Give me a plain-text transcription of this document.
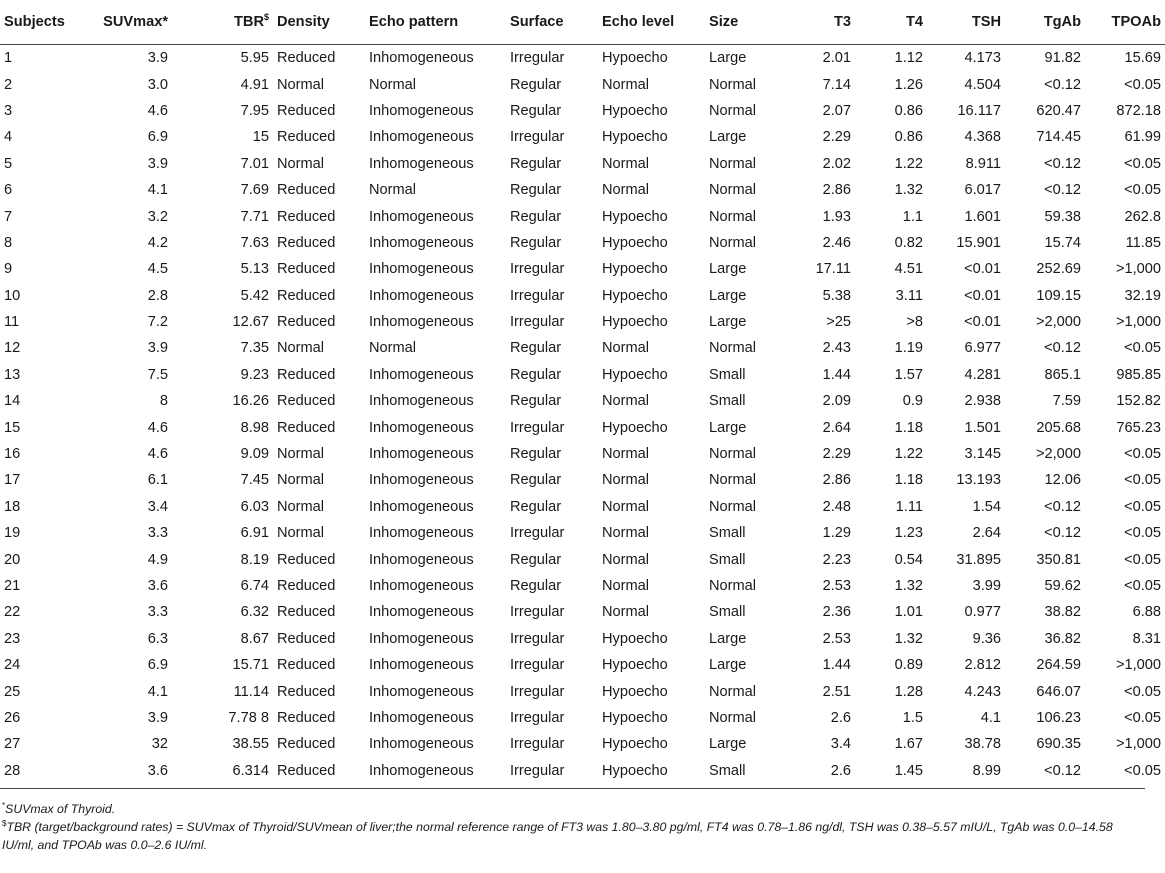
Subjects	SUVmax*	TBR$	Density	Echo pattern	Surface	Echo level	Size	T3	T4	TSH	TgAb	TPOAb
1	3.9	5.95	Reduced	Inhomogeneous	Irregular	Hypoecho	Large	2.01	1.12	4.173	91.82	15.69
2	3.0	4.91	Normal	Normal	Regular	Normal	Normal	7.14	1.26	4.504	<0.12	<0.05
3	4.6	7.95	Reduced	Inhomogeneous	Regular	Hypoecho	Normal	2.07	0.86	16.117	620.47	872.18
4	6.9	15	Reduced	Inhomogeneous	Irregular	Hypoecho	Large	2.29	0.86	4.368	714.45	61.99
5	3.9	7.01	Normal	Inhomogeneous	Regular	Normal	Normal	2.02	1.22	8.911	<0.12	<0.05
6	4.1	7.69	Reduced	Normal	Regular	Normal	Normal	2.86	1.32	6.017	<0.12	<0.05
7	3.2	7.71	Reduced	Inhomogeneous	Regular	Hypoecho	Normal	1.93	1.1	1.601	59.38	262.8
8	4.2	7.63	Reduced	Inhomogeneous	Regular	Hypoecho	Normal	2.46	0.82	15.901	15.74	11.85
9	4.5	5.13	Reduced	Inhomogeneous	Irregular	Hypoecho	Large	17.11	4.51	<0.01	252.69	>1,000
10	2.8	5.42	Reduced	Inhomogeneous	Irregular	Hypoecho	Large	5.38	3.11	<0.01	109.15	32.19
11	7.2	12.67	Reduced	Inhomogeneous	Irregular	Hypoecho	Large	>25	>8	<0.01	>2,000	>1,000
12	3.9	7.35	Normal	Normal	Regular	Normal	Normal	2.43	1.19	6.977	<0.12	<0.05
13	7.5	9.23	Reduced	Inhomogeneous	Regular	Hypoecho	Small	1.44	1.57	4.281	865.1	985.85
14	8	16.26	Reduced	Inhomogeneous	Regular	Normal	Small	2.09	0.9	2.938	7.59	152.82
15	4.6	8.98	Reduced	Inhomogeneous	Irregular	Hypoecho	Large	2.64	1.18	1.501	205.68	765.23
16	4.6	9.09	Normal	Inhomogeneous	Regular	Normal	Normal	2.29	1.22	3.145	>2,000	<0.05
17	6.1	7.45	Normal	Inhomogeneous	Regular	Normal	Normal	2.86	1.18	13.193	12.06	<0.05
18	3.4	6.03	Normal	Inhomogeneous	Regular	Normal	Normal	2.48	1.11	1.54	<0.12	<0.05
19	3.3	6.91	Normal	Inhomogeneous	Irregular	Normal	Small	1.29	1.23	2.64	<0.12	<0.05
20	4.9	8.19	Reduced	Inhomogeneous	Regular	Normal	Small	2.23	0.54	31.895	350.81	<0.05
21	3.6	6.74	Reduced	Inhomogeneous	Regular	Normal	Normal	2.53	1.32	3.99	59.62	<0.05
22	3.3	6.32	Reduced	Inhomogeneous	Irregular	Normal	Small	2.36	1.01	0.977	38.82	6.88
23	6.3	8.67	Reduced	Inhomogeneous	Irregular	Hypoecho	Large	2.53	1.32	9.36	36.82	8.31
24	6.9	15.71	Reduced	Inhomogeneous	Irregular	Hypoecho	Large	1.44	0.89	2.812	264.59	>1,000
25	4.1	11.14	Reduced	Inhomogeneous	Irregular	Hypoecho	Normal	2.51	1.28	4.243	646.07	<0.05
26	3.9	7.78 8	Reduced	Inhomogeneous	Irregular	Hypoecho	Normal	2.6	1.5	4.1	106.23	<0.05
27	32	38.55	Reduced	Inhomogeneous	Irregular	Hypoecho	Large	3.4	1.67	38.78	690.35	>1,000
28	3.6	6.314	Reduced	Inhomogeneous	Irregular	Hypoecho	Small	2.6	1.45	8.99	<0.12	<0.05
*SUVmax of Thyroid.
$TBR (target/background rates) = SUVmax of Thyroid/SUVmean of liver;the normal reference range of FT3 was 1.80–3.80 pg/ml, FT4 was 0.78–1.86 ng/dl, TSH was 0.38–5.57 mIU/L, TgAb was 0.0–14.58 IU/ml, and TPOAb was 0.0–2.6 IU/ml.
